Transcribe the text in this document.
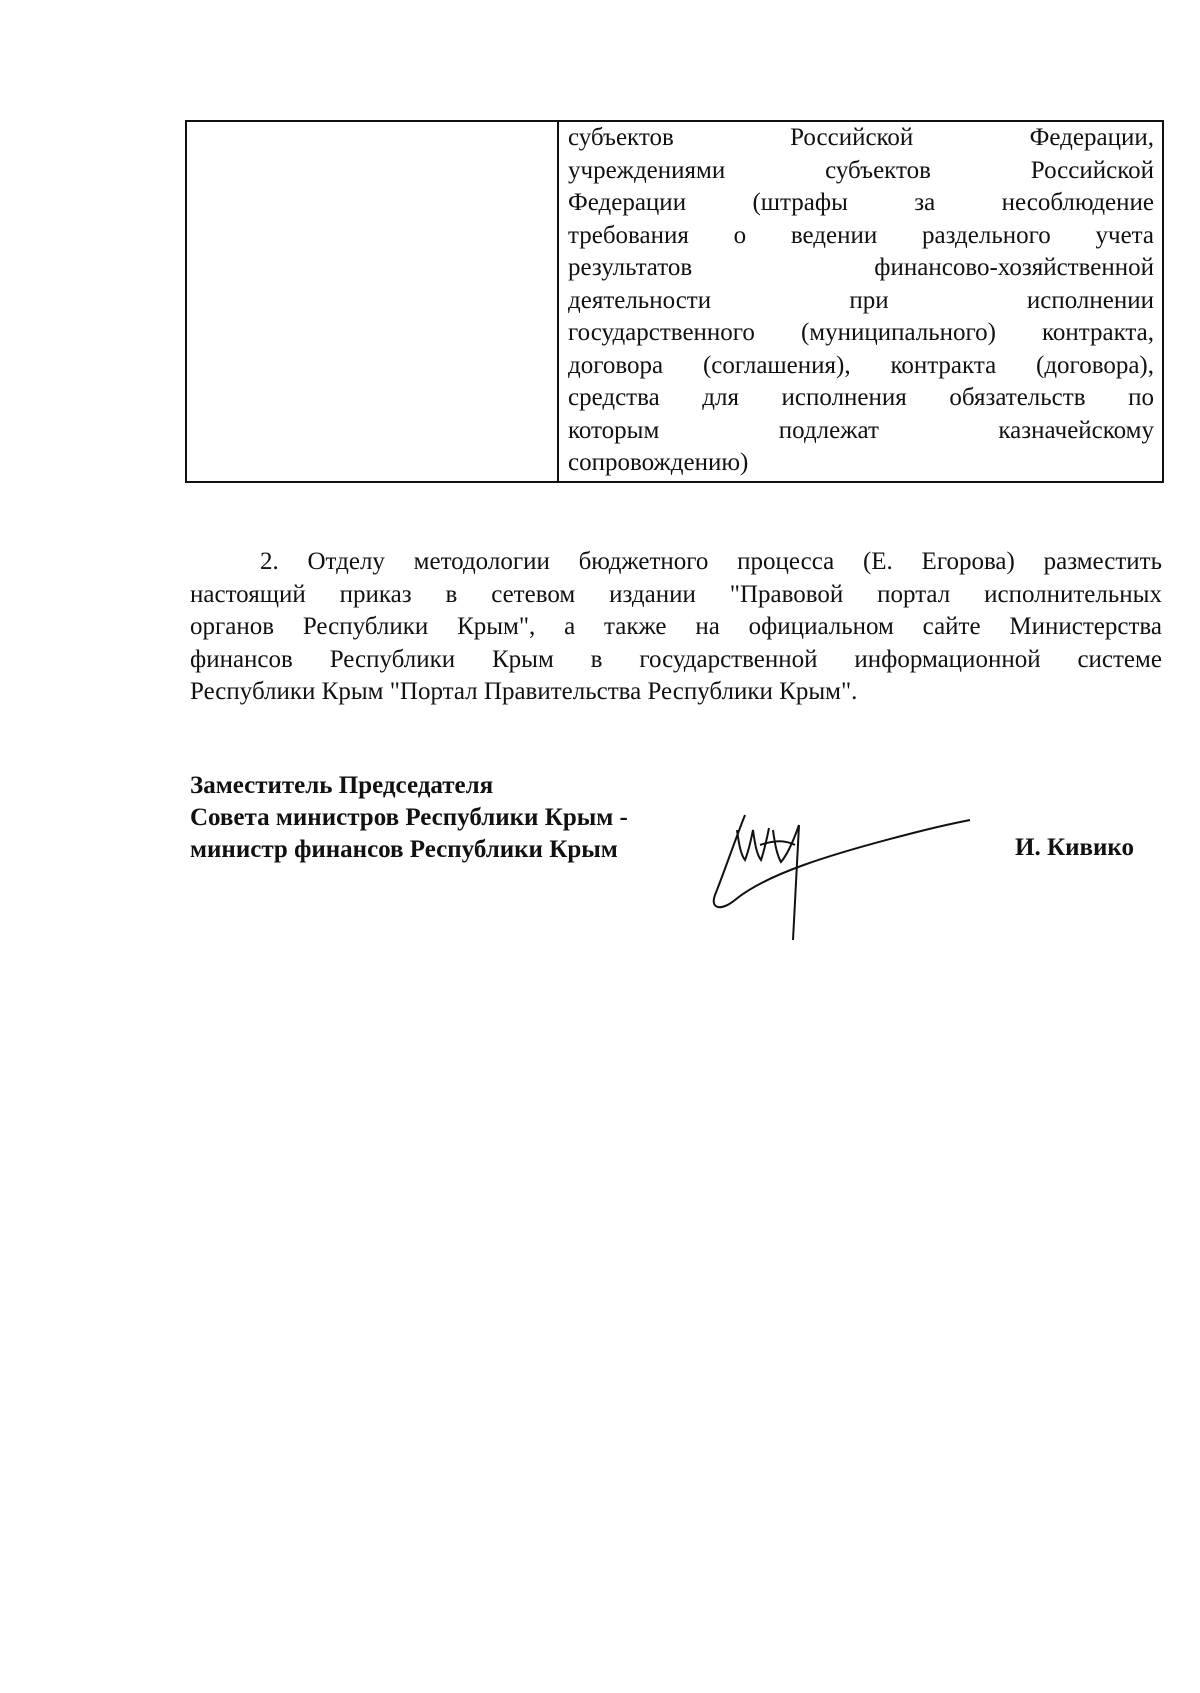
субъектов	Российской	Федерации,
учреждениями	субъектов	Российской
Федерации	(штрафы	за	несоблюдение
требования о ведении раздельного учета
результатов	финансово-хозяйственной
деятельности	при	исполнении
государственного (муниципального) контракта,
договора (соглашения), контракта (договора),
средства для исполнения обязательств по
которым	подлежат	казначейскому
сопровождению)
2. Отделу методологии бюджетного процесса (Е. Егорова) разместить
настоящий приказ в сетевом издании "Правовой портал исполнительных
органов Республики Крым", а также на официальном сайте Министерства
финансов Республики Крым в государственной информационной системе
Республики Крым "Портал Правительства Республики Крым".
Заместитель Председателя
Совета министров Республики Крым -
министр финансов Республики Крым	И. Кивико
